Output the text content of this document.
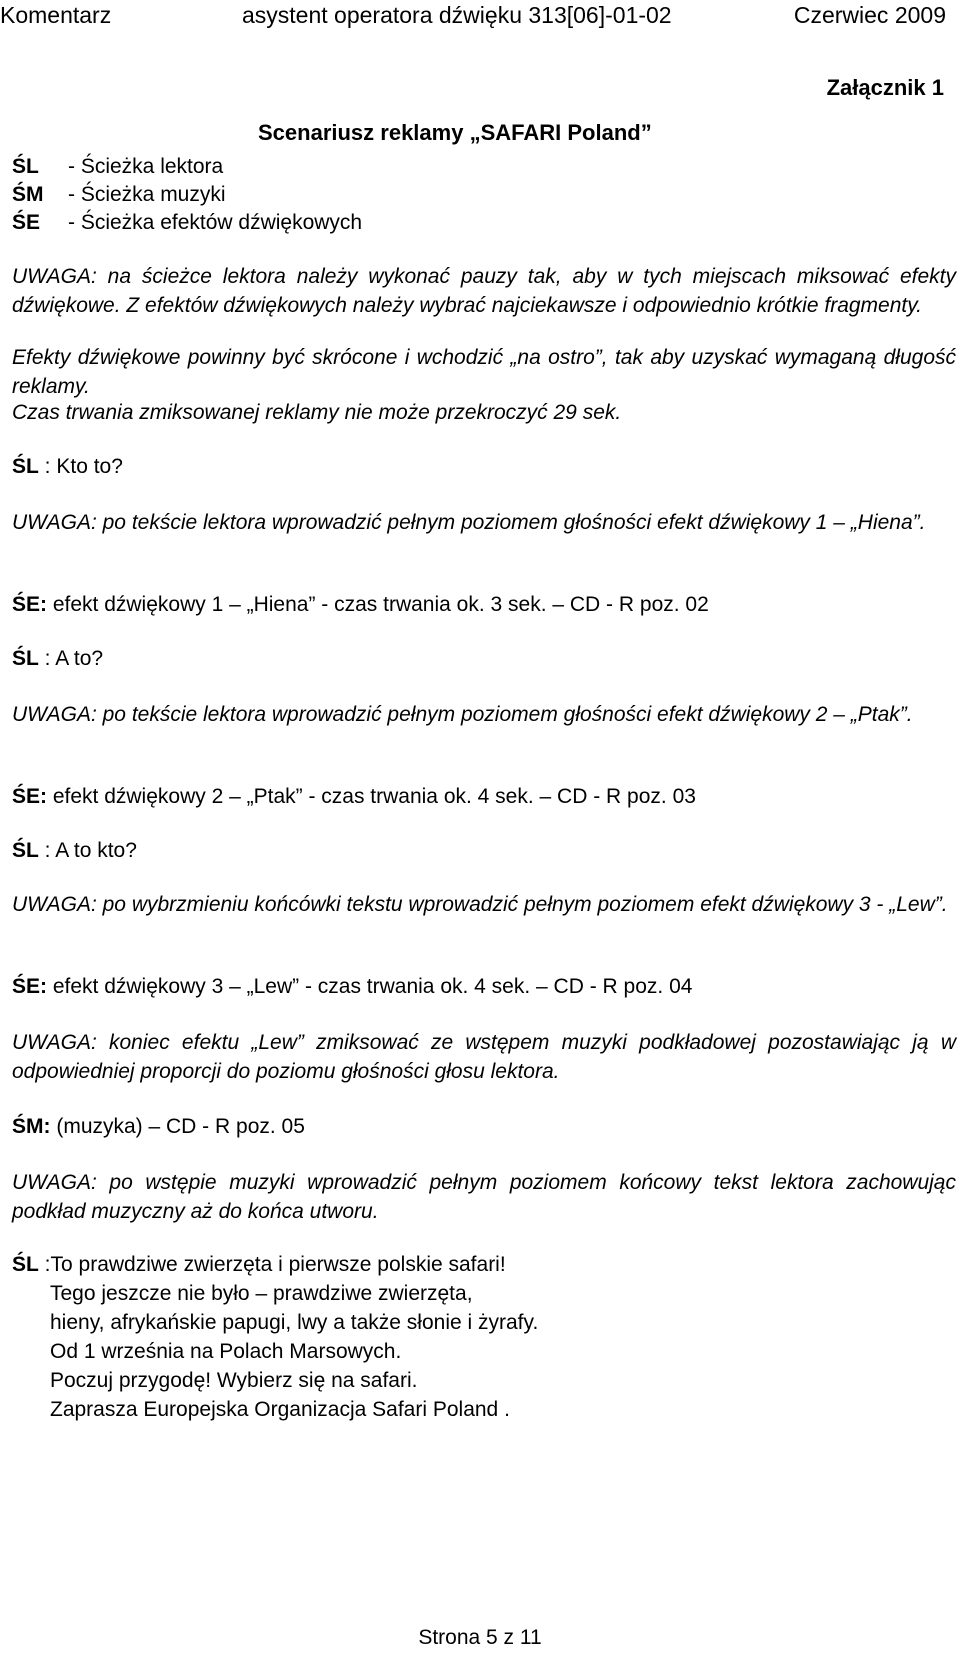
Komentarz	asystent operatora dźwięku 313[06]-01-02	Czerwiec 2009
Załącznik 1
Scenariusz reklamy „SAFARI Poland”
ŚL - Ścieżka lektora
ŚM - Ścieżka muzyki
ŚE - Ścieżka efektów dźwiękowych

UWAGA: na ścieżce lektora należy wykonać pauzy tak, aby w tych miejscach miksować efekty dźwiękowe. Z efektów dźwiękowych należy wybrać najciekawsze i odpowiednio krótkie fragmenty.

Efekty dźwiękowe powinny być skrócone i wchodzić „na ostro”, tak aby uzyskać wymaganą długość reklamy.

Czas trwania zmiksowanej reklamy nie może przekroczyć 29 sek.

ŚL : Kto to?

UWAGA: po tekście lektora wprowadzić pełnym poziomem głośności efekt dźwiękowy 1 – „Hiena”.

ŚE: efekt dźwiękowy 1 – „Hiena” - czas trwania ok. 3 sek. – CD - R poz. 02

ŚL : A to?

UWAGA: po tekście lektora wprowadzić pełnym poziomem głośności efekt dźwiękowy 2 – „Ptak”.

ŚE: efekt dźwiękowy 2 – „Ptak” - czas trwania ok. 4 sek. – CD - R poz. 03

ŚL : A to kto?

UWAGA: po wybrzmieniu końcówki tekstu wprowadzić pełnym poziomem efekt dźwiękowy 3 - „Lew”.

ŚE: efekt dźwiękowy 3 – „Lew” - czas trwania ok. 4 sek. – CD - R poz. 04

UWAGA: koniec efektu „Lew” zmiksować ze wstępem muzyki podkładowej pozostawiając ją w odpowiedniej proporcji do poziomu głośności głosu lektora.

ŚM: (muzyka) – CD - R poz. 05

UWAGA: po wstępie muzyki wprowadzić pełnym poziomem końcowy tekst lektora zachowując podkład muzyczny aż do końca utworu.

ŚL :To prawdziwe zwierzęta i pierwsze polskie safari!
Tego jeszcze nie było – prawdziwe zwierzęta,
hieny, afrykańskie papugi, lwy a także słonie i żyrafy.
Od 1 września na Polach Marsowych.
Poczuj przygodę! Wybierz się na safari.
Zaprasza Europejska Organizacja Safari Poland .
Strona 5 z 11
